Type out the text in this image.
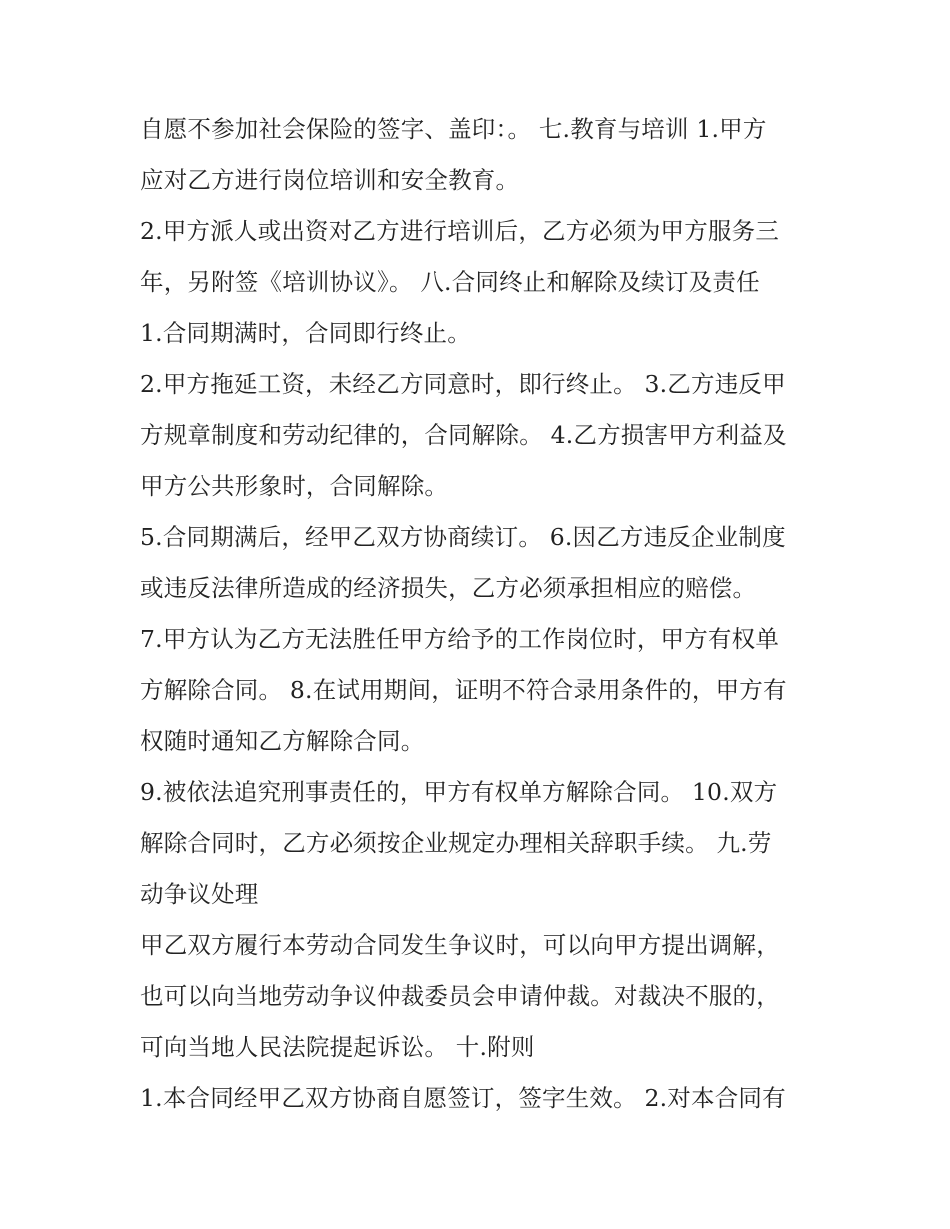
自愿不参加社会保险的签字、盖印：。 七.教育与培训 1.甲方
应对乙方进行岗位培训和安全教育。
2.甲方派人或出资对乙方进行培训后，乙方必须为甲方服务三
年，另附签《培训协议》。 八.合同终止和解除及续订及责任
1.合同期满时，合同即行终止。
2.甲方拖延工资，未经乙方同意时，即行终止。 3.乙方违反甲
方规章制度和劳动纪律的，合同解除。 4.乙方损害甲方利益及
甲方公共形象时，合同解除。
5.合同期满后，经甲乙双方协商续订。 6.因乙方违反企业制度
或违反法律所造成的经济损失，乙方必须承担相应的赔偿。
7.甲方认为乙方无法胜任甲方给予的工作岗位时，甲方有权单
方解除合同。 8.在试用期间，证明不符合录用条件的，甲方有
权随时通知乙方解除合同。
9.被依法追究刑事责任的，甲方有权单方解除合同。 10.双方
解除合同时，乙方必须按企业规定办理相关辞职手续。 九.劳
动争议处理
甲乙双方履行本劳动合同发生争议时，可以向甲方提出调解，
也可以向当地劳动争议仲裁委员会申请仲裁。对裁决不服的，
可向当地人民法院提起诉讼。 十.附则
1.本合同经甲乙双方协商自愿签订，签字生效。 2.对本合同有
